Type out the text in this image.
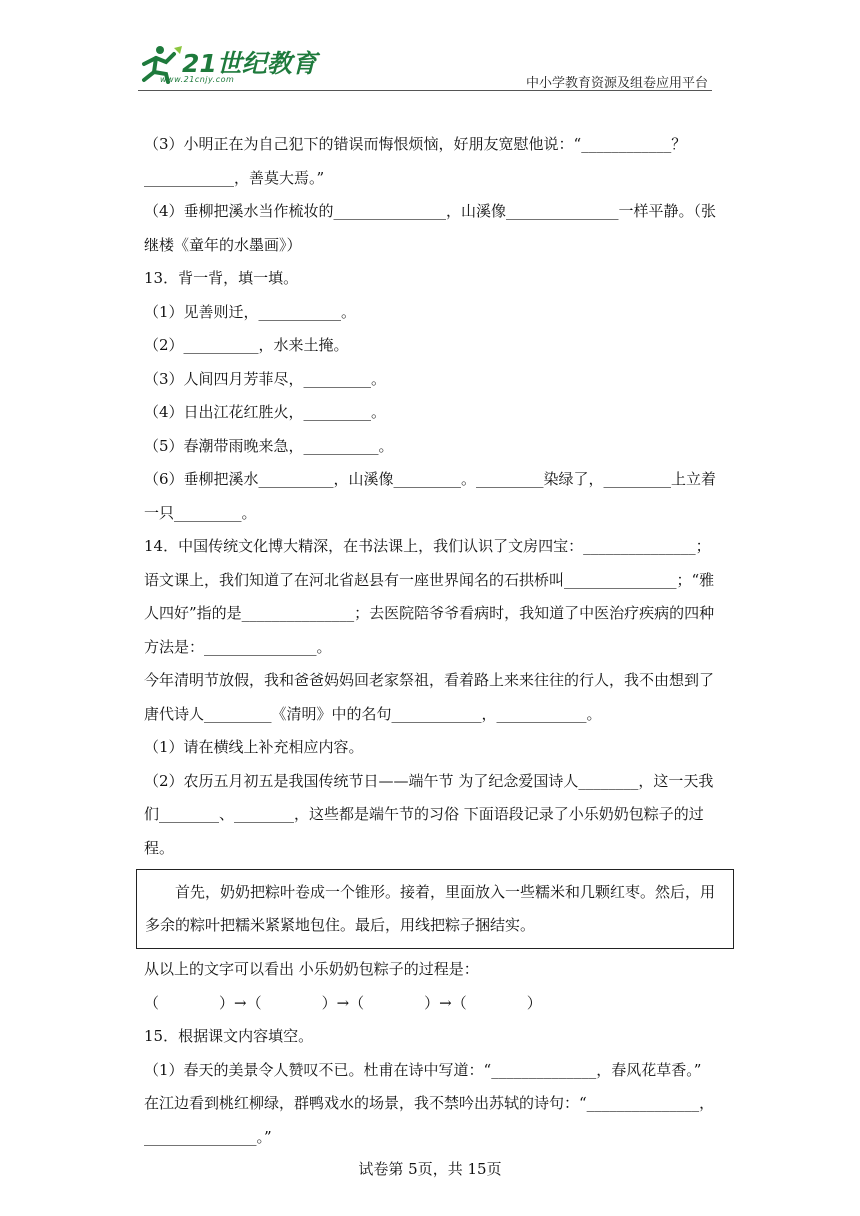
21世纪教育
www.21cnjy.com	中小学教育资源及组卷应用平台
（3）小明正在为自己犯下的错误而悔恨烦恼，好朋友宽慰他说：“____________？
____________，善莫大焉。”
（4）垂柳把溪水当作梳妆的_______________，山溪像_______________一样平静。（张
继楼《童年的水墨画》）
13．背一背，填一填。
（1）见善则迁，___________。
（2）__________，水来土掩。
（3）人间四月芳菲尽，_________。
（4）日出江花红胜火，_________。
（5）春潮带雨晚来急，__________。
（6）垂柳把溪水__________，山溪像_________。_________染绿了，_________上立着
一只_________。
14．中国传统文化博大精深，在书法课上，我们认识了文房四宝：_______________；
语文课上，我们知道了在河北省赵县有一座世界闻名的石拱桥叫_______________；“雅
人四好”指的是_______________；去医院陪爷爷看病时，我知道了中医治疗疾病的四种
方法是：_______________。
今年清明节放假，我和爸爸妈妈回老家祭祖，看着路上来来往往的行人，我不由想到了
唐代诗人_________《清明》中的名句____________，____________。
（1）请在横线上补充相应内容。
（2）农历五月初五是我国传统节日——端午节 为了纪念爱国诗人________，这一天我
们________、________，这些都是端午节的习俗 下面语段记录了小乐奶奶包粽子的过
程。
首先，奶奶把粽叶卷成一个锥形。接着，里面放入一些糯米和几颗红枣。然后，用
多余的粽叶把糯米紧紧地包住。最后，用线把粽子捆结实。
从以上的文字可以看出 小乐奶奶包粽子的过程是：
（　　　　）→（　　　　）→（　　　　）→（　　　　）
15．根据课文内容填空。
（1）春天的美景令人赞叹不已。杜甫在诗中写道：“______________，春风花草香。”
在江边看到桃红柳绿，群鸭戏水的场景，我不禁吟出苏轼的诗句：“_______________，
_______________。”
试卷第 5页，共 15页
